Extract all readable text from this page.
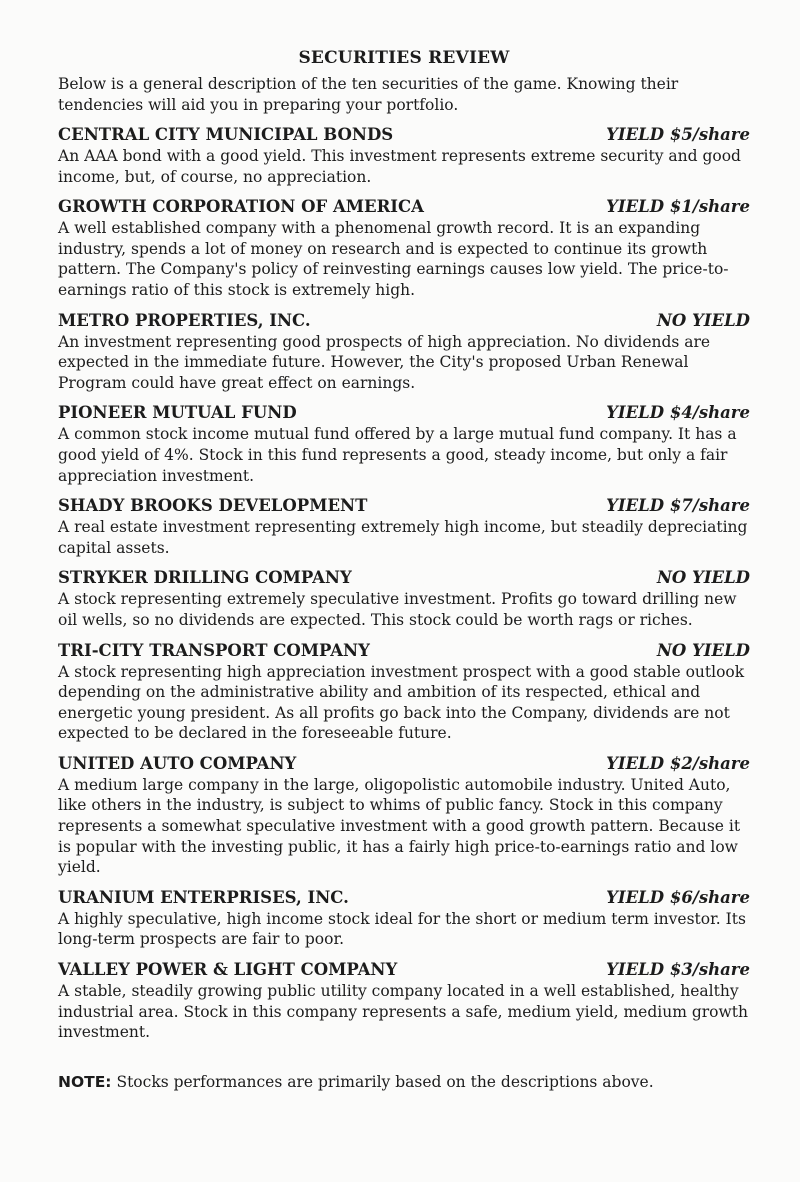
SECURITIES REVIEW
Below is a general description of the ten securities of the game. Knowing their tendencies will aid you in preparing your portfolio.
CENTRAL CITY MUNICIPAL BONDS	YIELD $5/share
An AAA bond with a good yield. This investment represents extreme security and good income, but, of course, no appreciation.
GROWTH CORPORATION OF AMERICA	YIELD $1/share
A well established company with a phenomenal growth record. It is an expanding industry, spends a lot of money on research and is expected to continue its growth pattern. The Company's policy of reinvesting earnings causes low yield. The price-to-earnings ratio of this stock is extremely high.
METRO PROPERTIES, INC.	NO YIELD
An investment representing good prospects of high appreciation. No dividends are expected in the immediate future. However, the City's proposed Urban Renewal Program could have great effect on earnings.
PIONEER MUTUAL FUND	YIELD $4/share
A common stock income mutual fund offered by a large mutual fund company. It has a good yield of 4%. Stock in this fund represents a good, steady income, but only a fair appreciation investment.
SHADY BROOKS DEVELOPMENT	YIELD $7/share
A real estate investment representing extremely high income, but steadily depreciating capital assets.
STRYKER DRILLING COMPANY	NO YIELD
A stock representing extremely speculative investment. Profits go toward drilling new oil wells, so no dividends are expected. This stock could be worth rags or riches.
TRI-CITY TRANSPORT COMPANY	NO YIELD
A stock representing high appreciation investment prospect with a good stable outlook depending on the administrative ability and ambition of its respected, ethical and energetic young president. As all profits go back into the Company, dividends are not expected to be declared in the foreseeable future.
UNITED AUTO COMPANY	YIELD $2/share
A medium large company in the large, oligopolistic automobile industry. United Auto, like others in the industry, is subject to whims of public fancy. Stock in this company represents a somewhat speculative investment with a good growth pattern. Because it is popular with the investing public, it has a fairly high price-to-earnings ratio and low yield.
URANIUM ENTERPRISES, INC.	YIELD $6/share
A highly speculative, high income stock ideal for the short or medium term investor. Its long-term prospects are fair to poor.
VALLEY POWER & LIGHT COMPANY	YIELD $3/share
A stable, steadily growing public utility company located in a well established, healthy industrial area. Stock in this company represents a safe, medium yield, medium growth investment.
NOTE: Stocks performances are primarily based on the descriptions above.
